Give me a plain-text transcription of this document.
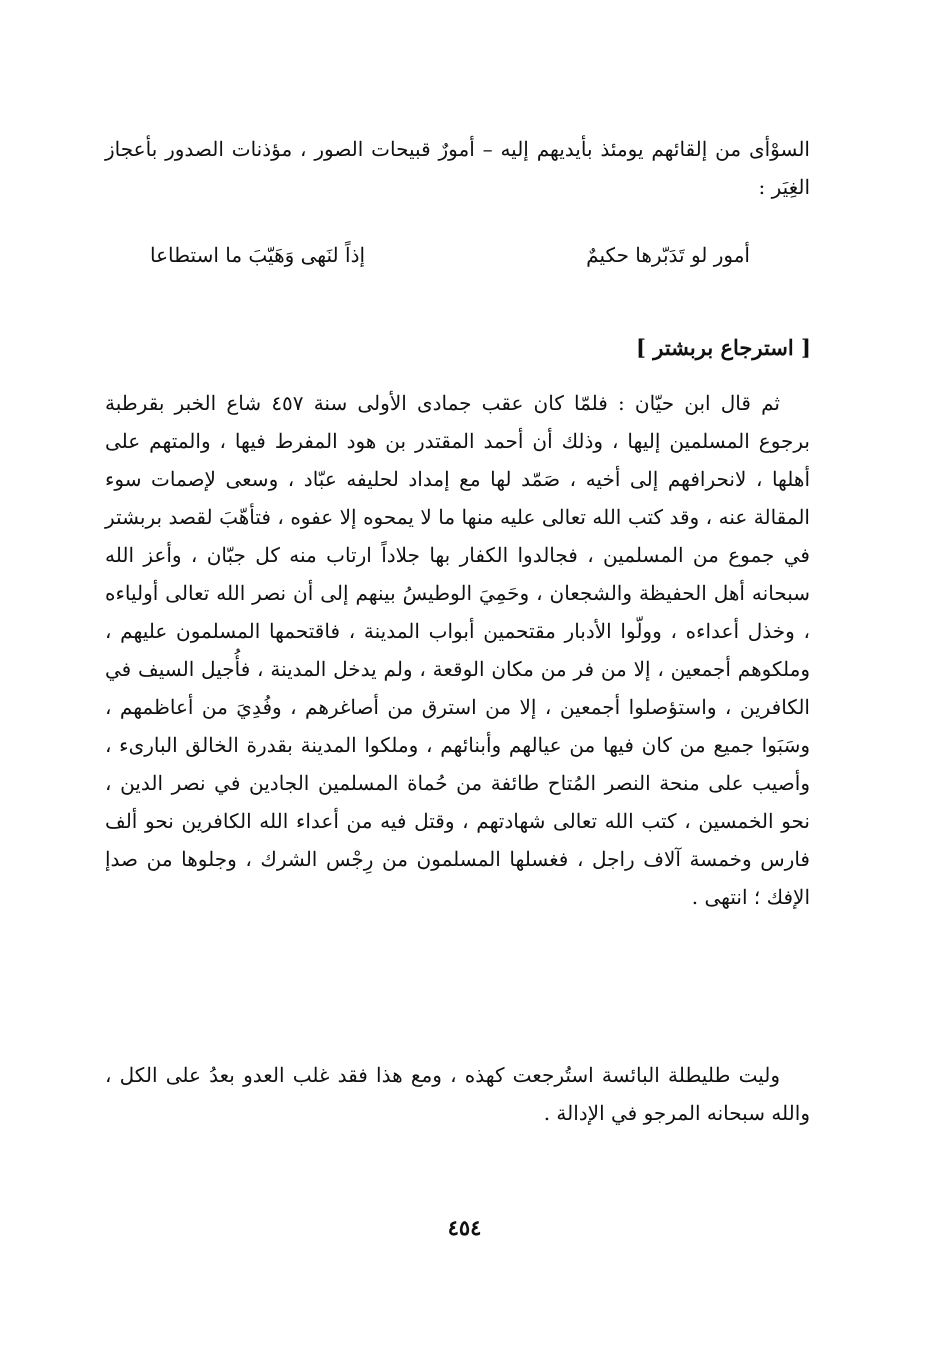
السوْأى من إلقائهم يومئذ بأيديهم إليه – أمورٌ قبيحات الصور ، مؤذنات الصدور بأعجاز الغِيَر :

أمور لو تَدَبّرها حكيمٌ
إذاً لنَهى وَهَيّبَ ما استطاعا
[ استرجاع بربشتر ]

ثم قال ابن حيّان : فلمّا كان عقب جمادى الأولى سنة ٤٥٧ شاع الخبر بقرطبة برجوع المسلمين إليها ، وذلك أن أحمد المقتدر بن هود المفرط فيها ، والمتهم على أهلها ، لانحرافهم إلى أخيه ، صَمّد لها مع إمداد لحليفه عبّاد ، وسعى لإصمات سوء المقالة عنه ، وقد كتب الله تعالى عليه منها ما لا يمحوه إلا عفوه ، فتأهّبَ لقصد بربشتر في جموع من المسلمين ، فجالدوا الكفار بها جلاداً ارتاب منه كل جبّان ، وأعز الله سبحانه أهل الحفيظة والشجعان ، وحَمِيَ الوطيسُ بينهم إلى أن نصر الله تعالى أولياءه ، وخذل أعداءه ، وولّوا الأدبار مقتحمين أبواب المدينة ، فاقتحمها المسلمون عليهم ، وملكوهم أجمعين ، إلا من فر من مكان الوقعة ، ولم يدخل المدينة ، فأُجيل السيف في الكافرين ، واستؤصلوا أجمعين ، إلا من استرق من أصاغرهم ، وفُدِيَ من أعاظمهم ، وسَبَوا جميع من كان فيها من عيالهم وأبنائهم ، وملكوا المدينة بقدرة الخالق البارىء ، وأصيب على منحة النصر المُتاح طائفة من حُماة المسلمين الجادين في نصر الدين ، نحو الخمسين ، كتب الله تعالى شهادتهم ، وقتل فيه من أعداء الله الكافرين نحو ألف فارس وخمسة آلاف راجل ، فغسلها المسلمون من رِجْس الشرك ، وجلوها من صدإ الإفك ؛ انتهى .

وليت طليطلة البائسة استُرجعت كهذه ، ومع هذا فقد غلب العدو بعدُ على الكل ، والله سبحانه المرجو في الإدالة .

٤٥٤
